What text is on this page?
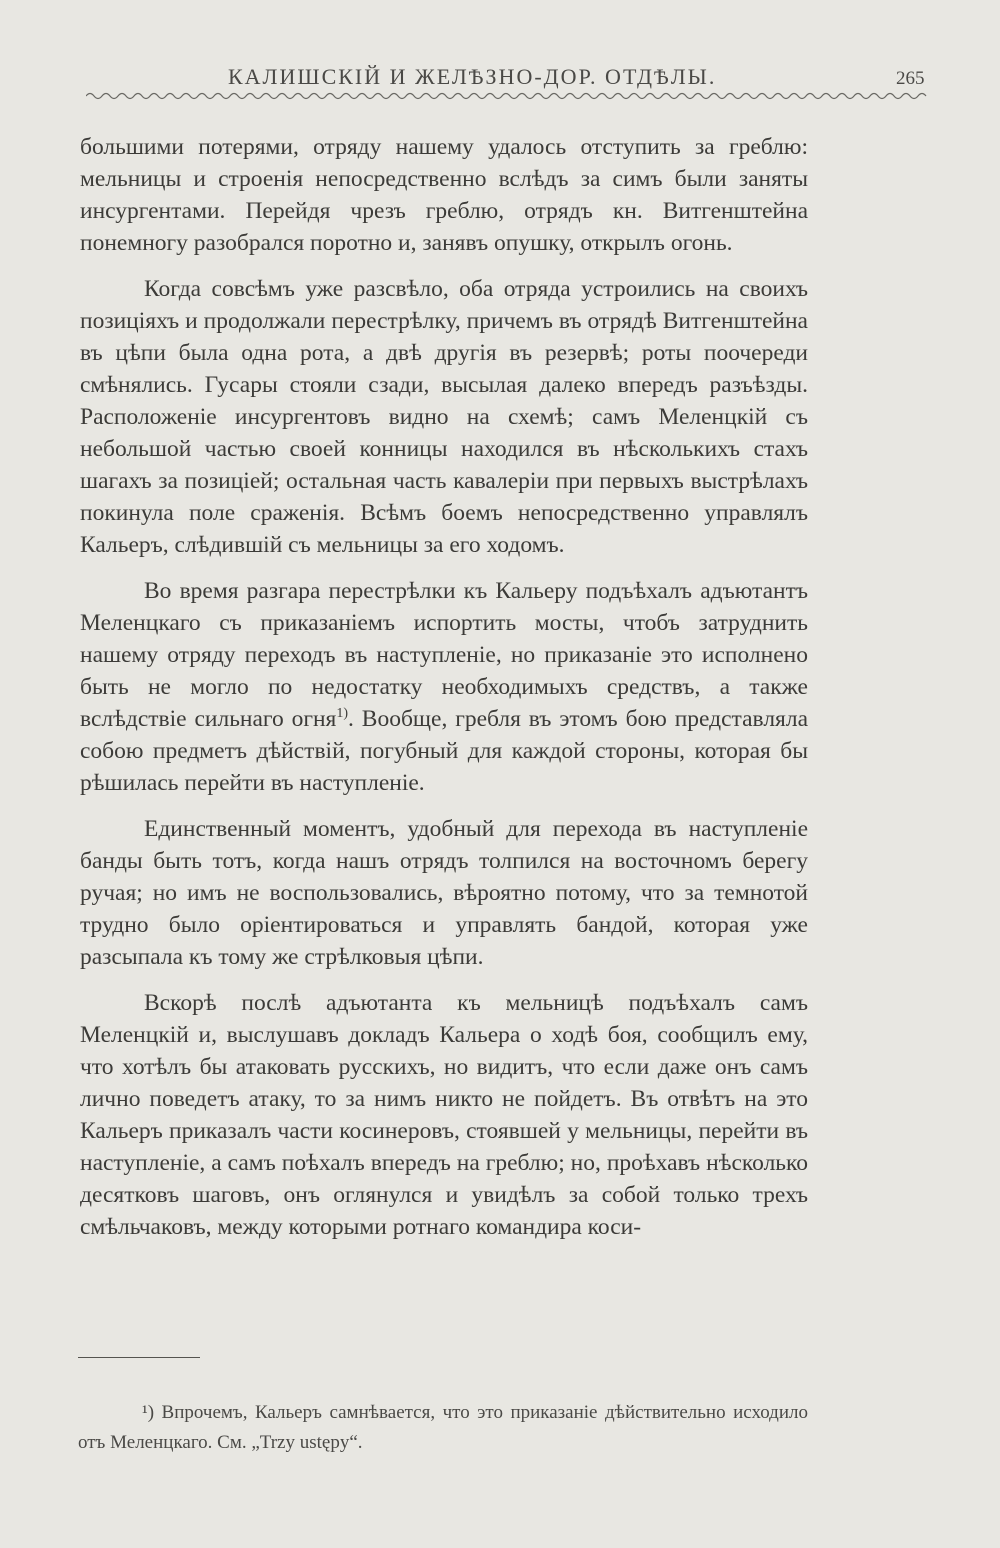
КАЛИШСКІЙ И ЖЕЛѢЗНО-ДОР. ОТДѢЛЫ.	265

большими потерями, отряду нашему удалось отступить за греблю: мельницы и строенія непосредственно вслѣдъ за симъ были заняты инсургентами. Перейдя чрезъ греблю, отрядъ кн. Витгенштейна понемногу разобрался поротно и, занявъ опушку, открылъ огонь.

Когда совсѣмъ уже разсвѣло, оба отряда устроились на своихъ позиціяхъ и продолжали перестрѣлку, причемъ въ отрядѣ Витгенштейна въ цѣпи была одна рота, а двѣ другія въ резервѣ; роты поочереди смѣнялись. Гусары стояли сзади, высылая далеко впередъ разъѣзды. Расположеніе инсургентовъ видно на схемѣ; самъ Меленцкій съ небольшой частью своей конницы находился въ нѣсколькихъ стахъ шагахъ за позиціей; остальная часть кавалеріи при первыхъ выстрѣлахъ покинула поле сраженія. Всѣмъ боемъ непосредственно управлялъ Кальеръ, слѣдившій съ мельницы за его ходомъ.

Во время разгара перестрѣлки къ Кальеру подъѣхалъ адъютантъ Меленцкаго съ приказаніемъ испортить мосты, чтобъ затруднить нашему отряду переходъ въ наступленіе, но приказаніе это исполнено быть не могло по недостатку необходимыхъ средствъ, а также вслѣдствіе сильнаго огня$^{1)}$. Вообще, гребля въ этомъ бою представляла собою предметъ дѣйствій, погубный для каждой стороны, которая бы рѣшилась перейти въ наступленіе.

Единственный моментъ, удобный для перехода въ наступленіе банды быть тотъ, когда нашъ отрядъ толпился на восточномъ берегу ручая; но имъ не воспользовались, вѣроятно потому, что за темнотой трудно было оріентироваться и управлять бандой, которая уже разсыпала къ тому же стрѣлковыя цѣпи.

Вскорѣ послѣ адъютанта къ мельницѣ подъѣхалъ самъ Меленцкій и, выслушавъ докладъ Кальера о ходѣ боя, сообщилъ ему, что хотѣлъ бы атаковать русскихъ, но видитъ, что если даже онъ самъ лично поведетъ атаку, то за нимъ никто не пойдетъ. Въ отвѣтъ на это Кальеръ приказалъ части косинеровъ, стоявшей у мельницы, перейти въ наступленіе, а самъ поѣхалъ впередъ на греблю; но, проѣхавъ нѣсколько десятковъ шаговъ, онъ оглянулся и увидѣлъ за собой только трехъ смѣльчаковъ, между которыми ротнаго командира коси-

¹) Впрочемъ, Кальеръ самнѣвается, что это приказаніе дѣйствительно исходило отъ Меленцкаго. См. „Trzy ustępy“.
